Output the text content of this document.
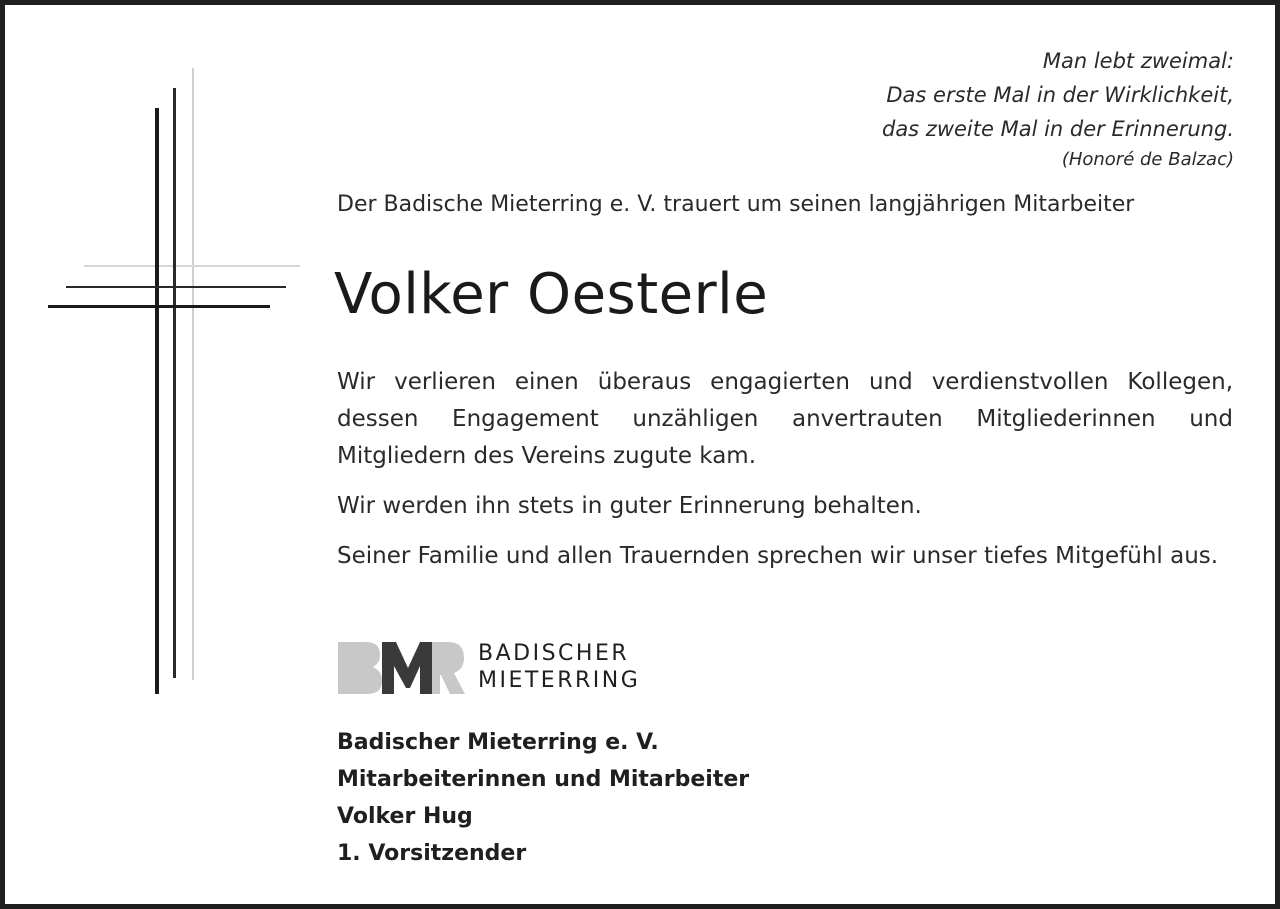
Man lebt zweimal:
Das erste Mal in der Wirklichkeit,
das zweite Mal in der Erinnerung.
(Honoré de Balzac)
Der Badische Mieterring e. V. trauert um seinen langjährigen Mitarbeiter
Volker Oesterle

Wir verlieren einen überaus engagierten und verdienstvollen Kollegen, dessen Engagement unzähligen anvertrauten Mitgliederinnen und Mitgliedern des Vereins zugute kam.

Wir werden ihn stets in guter Erinnerung behalten.

Seiner Familie und allen Trauernden sprechen wir unser tiefes Mitgefühl aus.

BADISCHER
MIETERRING
Badischer Mieterring e. V.
Mitarbeiterinnen und Mitarbeiter
Volker Hug
1. Vorsitzender
